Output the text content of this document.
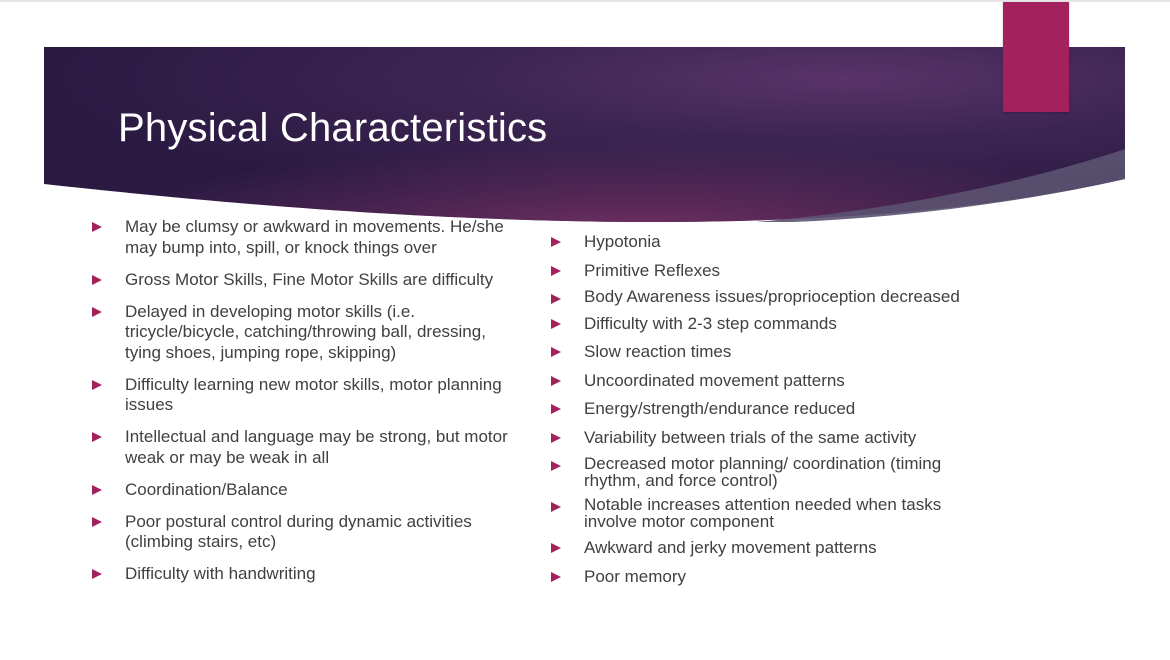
Physical Characteristics
May be clumsy or awkward in movements. He/she may bump into, spill, or knock things over
Gross Motor Skills, Fine Motor Skills are difficulty
Delayed in developing motor skills (i.e. tricycle/bicycle, catching/throwing ball, dressing, tying shoes, jumping rope, skipping)
Difficulty learning new motor skills, motor planning issues
Intellectual and language may be strong, but motor weak or may be weak in all
Coordination/Balance
Poor postural control during dynamic activities (climbing stairs, etc)
Difficulty with handwriting
Hypotonia
Primitive Reflexes
Body Awareness issues/proprioception decreased
Difficulty with 2-3 step commands
Slow reaction times
Uncoordinated movement patterns
Energy/strength/endurance reduced
Variability between trials of the same activity
Decreased motor planning/ coordination (timing rhythm, and force control)
Notable increases attention needed when tasks involve motor component
Awkward and jerky movement patterns
Poor memory
